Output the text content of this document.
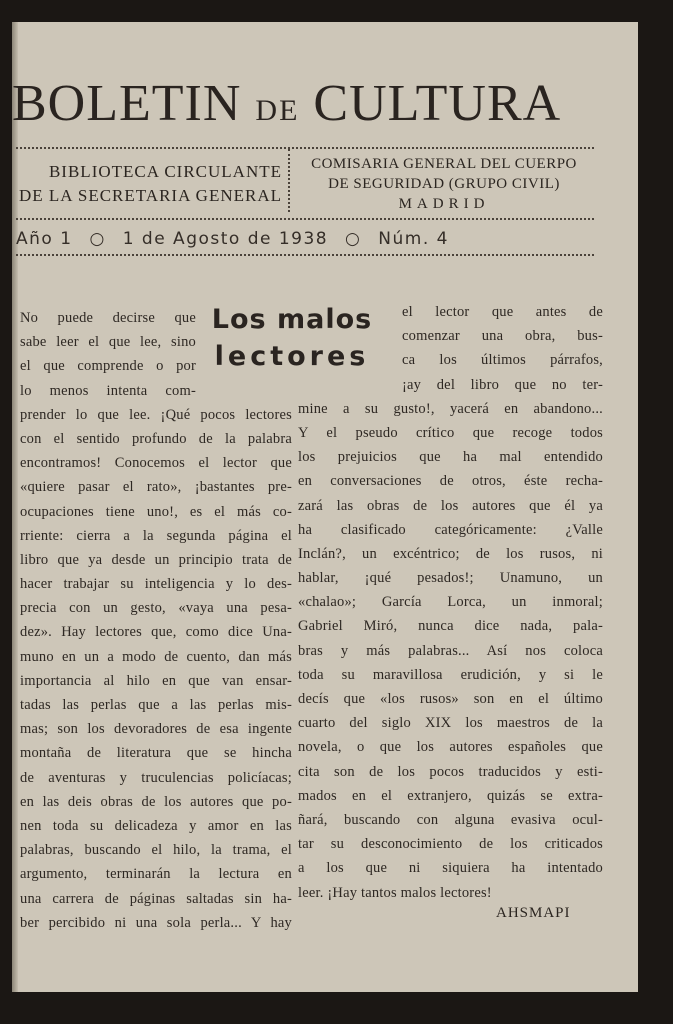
BOLETIN DE CULTURA
BIBLIOTECA CIRCULANTE
DE LA SECRETARIA GENERAL
COMISARIA GENERAL DEL CUERPO
DE SEGURIDAD (GRUPO CIVIL)
MADRID
Año 1 ○ 1 de Agosto de 1938 ○ Núm. 4
Los malos
lectores
No puede decirse que
sabe leer el que lee, sino
el que comprende o por
lo menos intenta com-
prender lo que lee. ¡Qué pocos lectores
con el sentido profundo de la palabra
encontramos! Conocemos el lector que
«quiere pasar el rato», ¡bastantes pre-
ocupaciones tiene uno!, es el más co-
rriente: cierra a la segunda página el
libro que ya desde un principio trata de
hacer trabajar su inteligencia y lo des-
precia con un gesto, «vaya una pesa-
dez». Hay lectores que, como dice Una-
muno en un a modo de cuento, dan más
importancia al hilo en que van ensar-
tadas las perlas que a las perlas mis-
mas; son los devoradores de esa ingente
montaña de literatura que se hincha
de aventuras y truculencias policíacas;
en las deis obras de los autores que po-
nen toda su delicadeza y amor en las
palabras, buscando el hilo, la trama, el
argumento, terminarán la lectura en
una carrera de páginas saltadas sin ha-
ber percibido ni una sola perla... Y hay
el lector que antes de
comenzar una obra, bus-
ca los últimos párrafos,
¡ay del libro que no ter-
mine a su gusto!, yacerá en abandono...
Y el pseudo crítico que recoge todos
los prejuicios que ha mal entendido
en conversaciones de otros, éste recha-
zará las obras de los autores que él ya
ha clasificado categóricamente: ¿Valle
Inclán?, un excéntrico; de los rusos, ni
hablar, ¡qué pesados!; Unamuno, un
«chalao»; García Lorca, un inmoral;
Gabriel Miró, nunca dice nada, pala-
bras y más palabras... Así nos coloca
toda su maravillosa erudición, y si le
decís que «los rusos» son en el último
cuarto del siglo XIX los maestros de la
novela, o que los autores españoles que
cita son de los pocos traducidos y esti-
mados en el extranjero, quizás se extra-
ñará, buscando con alguna evasiva ocul-
tar su desconocimiento de los criticados
a los que ni siquiera ha intentado
leer. ¡Hay tantos malos lectores!
AHSMAPI
